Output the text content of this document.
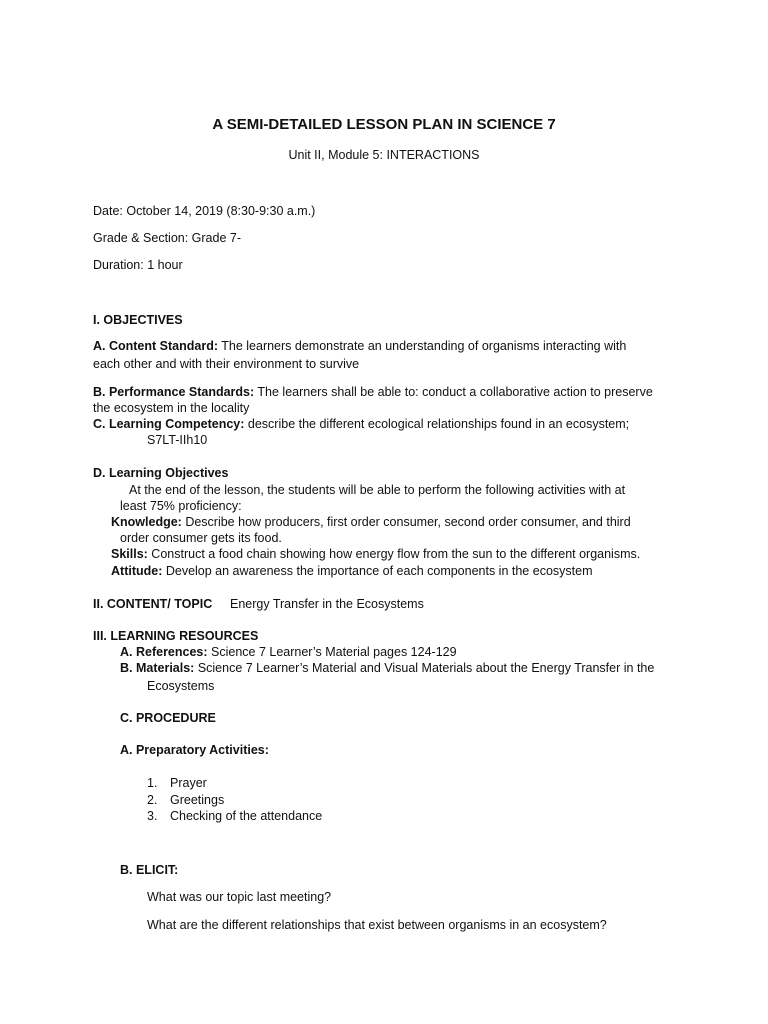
A SEMI-DETAILED LESSON PLAN IN SCIENCE 7
Unit II, Module 5: INTERACTIONS
Date: October 14, 2019 (8:30-9:30 a.m.)
Grade & Section: Grade 7-
Duration: 1 hour
I. OBJECTIVES
A. Content Standard: The learners demonstrate an understanding of organisms interacting with
each other and with their environment to survive
B. Performance Standards: The learners shall be able to: conduct a collaborative action to preserve
the ecosystem in the locality
C. Learning Competency: describe the different ecological relationships found in an ecosystem;
S7LT-IIh10
D. Learning Objectives
At the end of the lesson, the students will be able to perform the following activities with at
least 75% proficiency:
Knowledge: Describe how producers, first order consumer, second order consumer, and third
order consumer gets its food.
Skills: Construct a food chain showing how energy flow from the sun to the different organisms.
Attitude: Develop an awareness the importance of each components in the ecosystem
II. CONTENT/ TOPIC Energy Transfer in the Ecosystems
III. LEARNING RESOURCES
A. References: Science 7 Learner’s Material pages 124-129
B. Materials: Science 7 Learner’s Material and Visual Materials about the Energy Transfer in the
Ecosystems
C. PROCEDURE
A. Preparatory Activities:
1. Prayer
2. Greetings
3. Checking of the attendance
B. ELICIT:
What was our topic last meeting?
What are the different relationships that exist between organisms in an ecosystem?
